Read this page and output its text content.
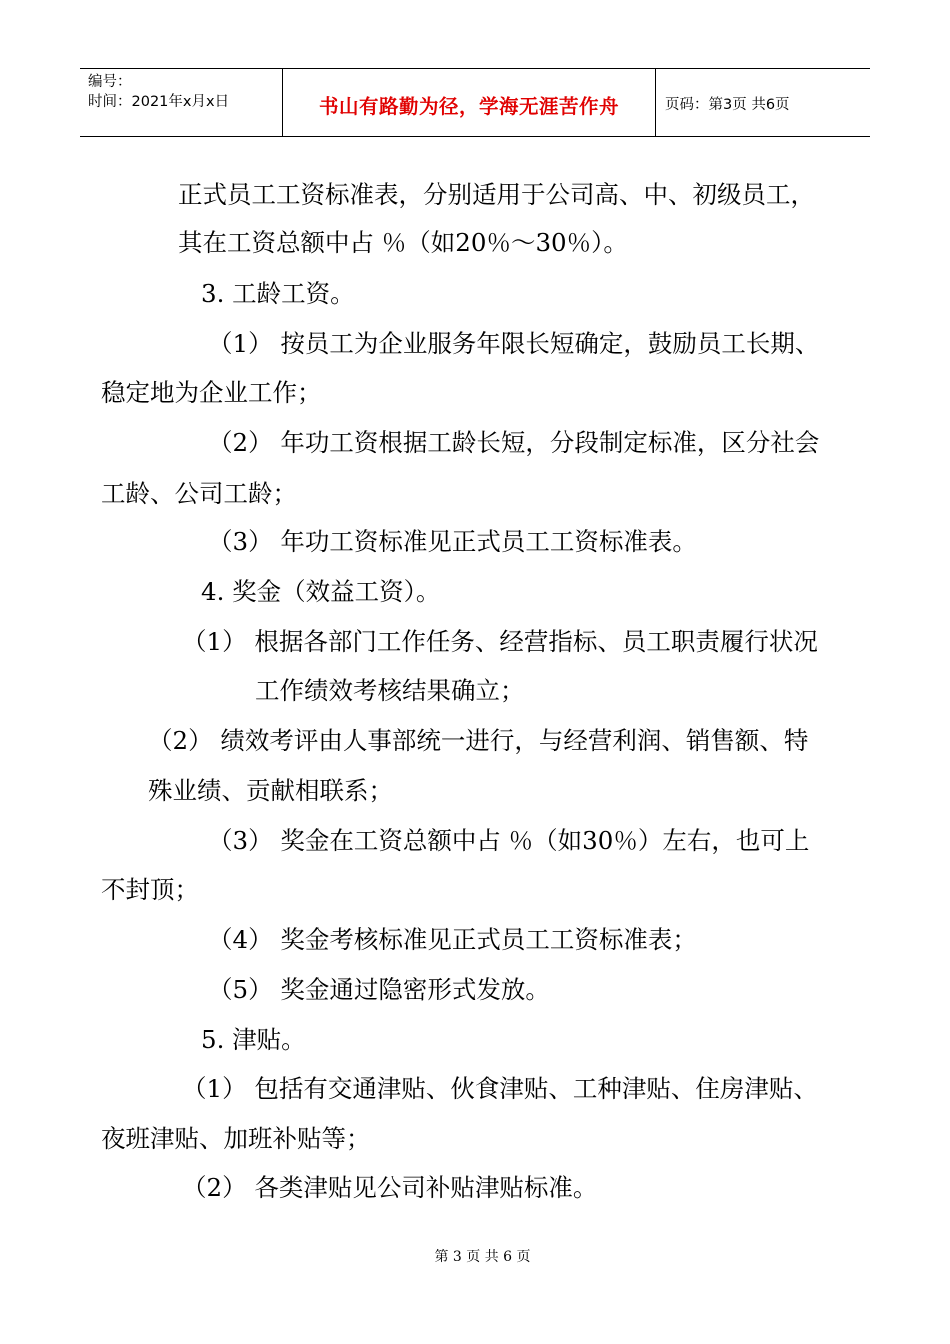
编号：
时间：2021年x月x日	书山有路勤为径，学海无涯苦作舟	页码：第3页 共6页
正式员工工资标准表，分别适用于公司高、中、初级员工，
其在工资总额中占 ％（如20％～30％）。
3. 工龄工资。
（1） 按员工为企业服务年限长短确定，鼓励员工长期、
稳定地为企业工作；
（2） 年功工资根据工龄长短，分段制定标准，区分社会
工龄、公司工龄；
（3） 年功工资标准见正式员工工资标准表。
4. 奖金（效益工资）。
（1） 根据各部门工作任务、经营指标、员工职责履行状况
工作绩效考核结果确立；
（2） 绩效考评由人事部统一进行，与经营利润、销售额、特
殊业绩、贡献相联系；
（3） 奖金在工资总额中占 ％（如30％）左右，也可上
不封顶；
（4） 奖金考核标准见正式员工工资标准表；
（5） 奖金通过隐密形式发放。
5. 津贴。
（1） 包括有交通津贴、伙食津贴、工种津贴、住房津贴、
夜班津贴、加班补贴等；
（2） 各类津贴见公司补贴津贴标准。
第 3 页 共 6 页
